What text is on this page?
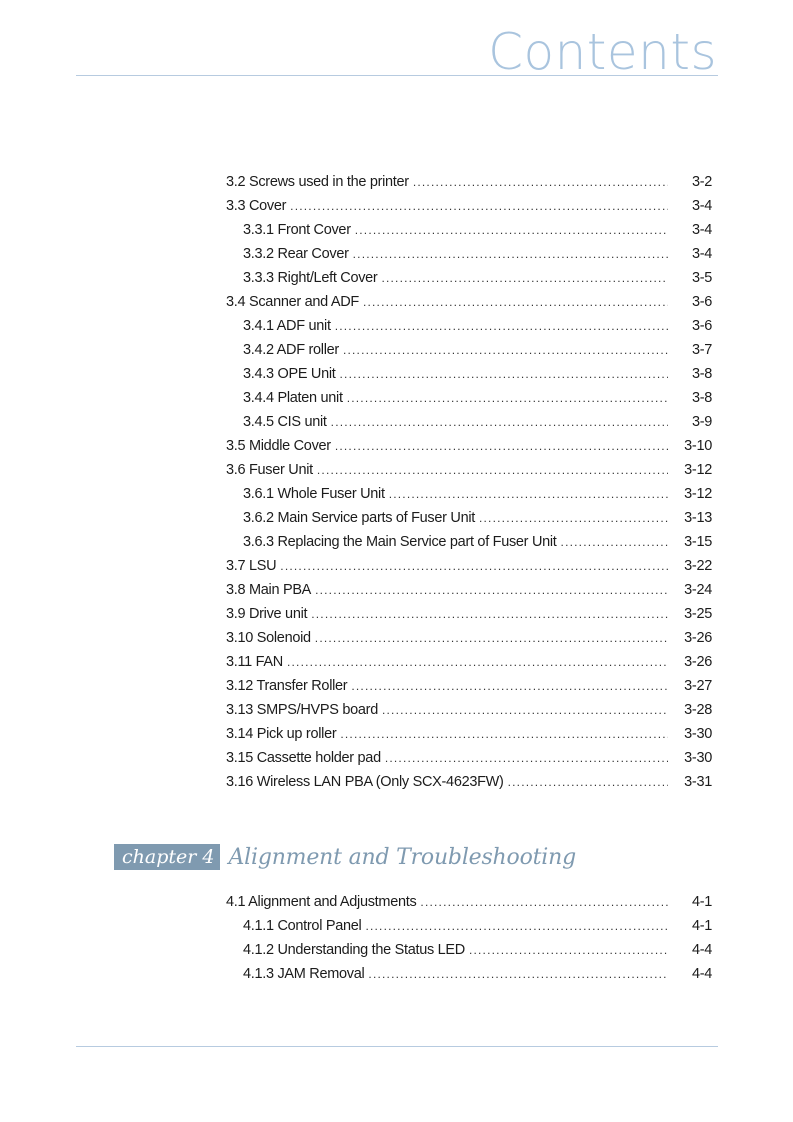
Contents
3.2 Screws used in the printer .....	3-2
3.3 Cover .....	3-4
3.3.1 Front Cover .....	3-4
3.3.2 Rear Cover .....	3-4
3.3.3 Right/Left Cover .....	3-5
3.4 Scanner and ADF .....	3-6
3.4.1 ADF unit .....	3-6
3.4.2 ADF roller .....	3-7
3.4.3 OPE Unit .....	3-8
3.4.4 Platen unit .....	3-8
3.4.5 CIS unit .....	3-9
3.5 Middle Cover .....	3-10
3.6 Fuser Unit .....	3-12
3.6.1 Whole Fuser Unit .....	3-12
3.6.2 Main Service parts of Fuser Unit .....	3-13
3.6.3 Replacing the Main Service part of Fuser Unit .....	3-15
3.7 LSU .....	3-22
3.8 Main PBA .....	3-24
3.9 Drive unit .....	3-25
3.10 Solenoid .....	3-26
3.11 FAN .....	3-26
3.12 Transfer Roller .....	3-27
3.13 SMPS/HVPS board .....	3-28
3.14 Pick up roller .....	3-30
3.15 Cassette holder pad .....	3-30
3.16 Wireless LAN PBA (Only SCX-4623FW) .....	3-31
chapter 4 Alignment and Troubleshooting
4.1 Alignment and Adjustments .....	4-1
4.1.1 Control Panel .....	4-1
4.1.2 Understanding the Status LED .....	4-4
4.1.3 JAM Removal .....	4-4
